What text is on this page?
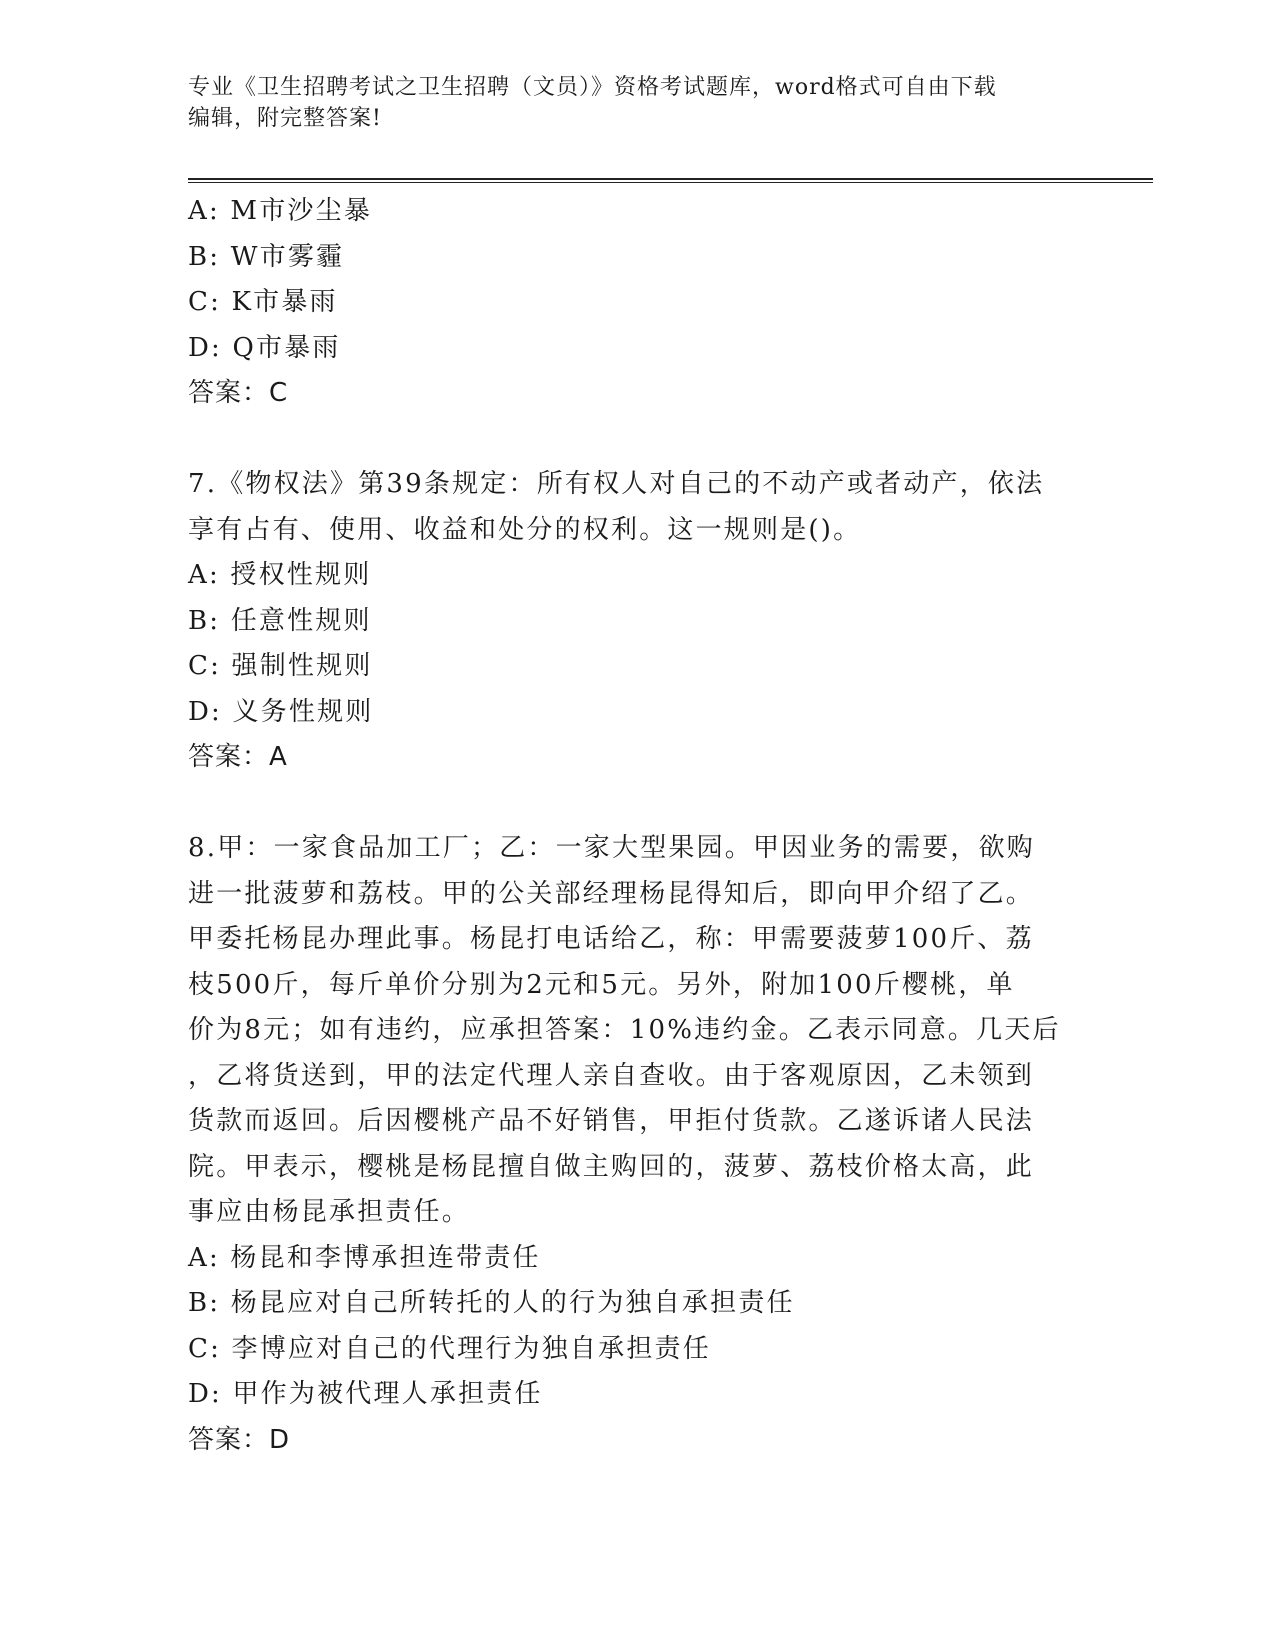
专业《卫生招聘考试之卫生招聘（文员）》资格考试题库，word格式可自由下载
编辑，附完整答案!
A: M市沙尘暴
B: W市雾霾
C: K市暴雨
D: Q市暴雨
答案：C
7.《物权法》第39条规定：所有权人对自己的不动产或者动产，依法
享有占有、使用、收益和处分的权利。这一规则是()。
A: 授权性规则
B: 任意性规则
C: 强制性规则
D: 义务性规则
答案：A
8.甲：一家食品加工厂；乙：一家大型果园。甲因业务的需要，欲购
进一批菠萝和荔枝。甲的公关部经理杨昆得知后，即向甲介绍了乙。
甲委托杨昆办理此事。杨昆打电话给乙，称：甲需要菠萝100斤、荔
枝500斤，每斤单价分别为2元和5元。另外，附加100斤樱桃，单
价为8元；如有违约，应承担答案：10%违约金。乙表示同意。几天后
，乙将货送到，甲的法定代理人亲自查收。由于客观原因，乙未领到
货款而返回。后因樱桃产品不好销售，甲拒付货款。乙遂诉诸人民法
院。甲表示，樱桃是杨昆擅自做主购回的，菠萝、荔枝价格太高，此
事应由杨昆承担责任。
A: 杨昆和李博承担连带责任
B: 杨昆应对自己所转托的人的行为独自承担责任
C: 李博应对自己的代理行为独自承担责任
D: 甲作为被代理人承担责任
答案：D
